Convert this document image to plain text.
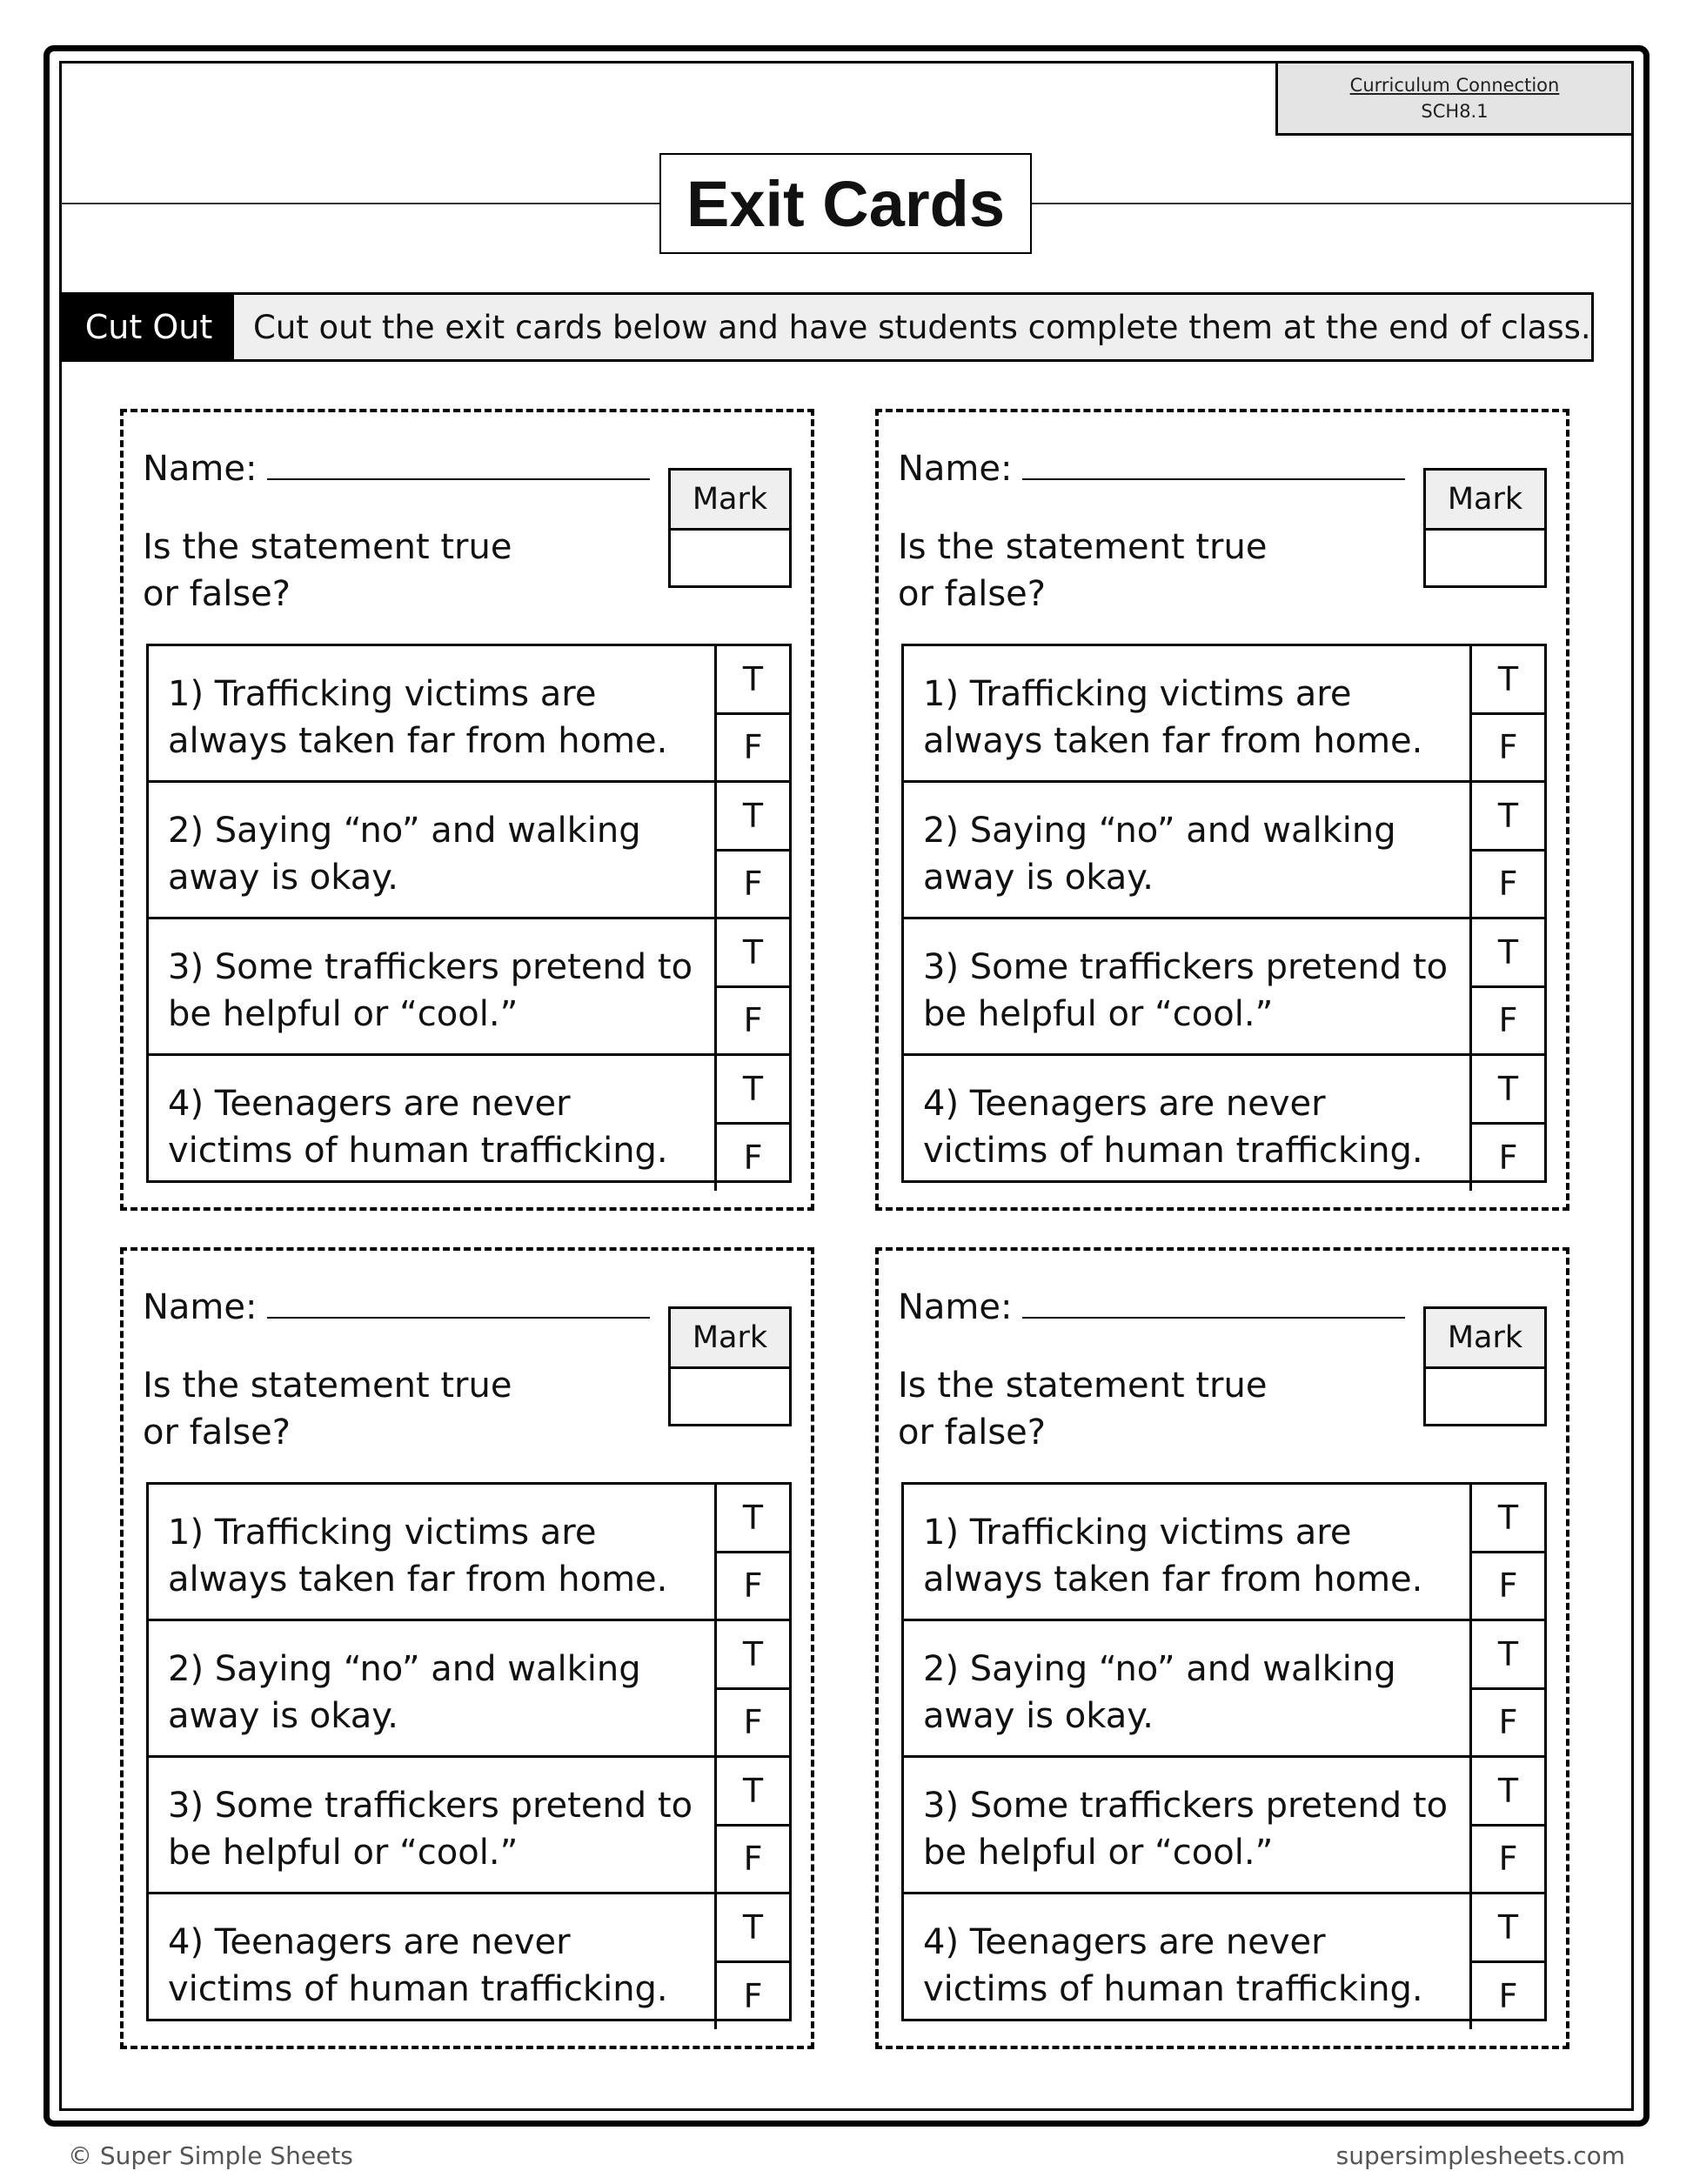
Curriculum Connection
SCH8.1
Exit Cards
Cut Out	Cut out the exit cards below and have students complete them at the end of class.
Name:
Is the statement true
or false?
Mark
1) Trafficking victims are
always taken far from home.
T
F
2) Saying “no” and walking
away is okay.
T
F
3) Some traffickers pretend to
be helpful or “cool.”
T
F
4) Teenagers are never
victims of human trafficking.
T
F
Name:
Is the statement true
or false?
Mark
1) Trafficking victims are
always taken far from home.
T
F
2) Saying “no” and walking
away is okay.
T
F
3) Some traffickers pretend to
be helpful or “cool.”
T
F
4) Teenagers are never
victims of human trafficking.
T
F
Name:
Is the statement true
or false?
Mark
1) Trafficking victims are
always taken far from home.
T
F
2) Saying “no” and walking
away is okay.
T
F
3) Some traffickers pretend to
be helpful or “cool.”
T
F
4) Teenagers are never
victims of human trafficking.
T
F
Name:
Is the statement true
or false?
Mark
1) Trafficking victims are
always taken far from home.
T
F
2) Saying “no” and walking
away is okay.
T
F
3) Some traffickers pretend to
be helpful or “cool.”
T
F
4) Teenagers are never
victims of human trafficking.
T
F
© Super Simple Sheets	supersimplesheets.com
